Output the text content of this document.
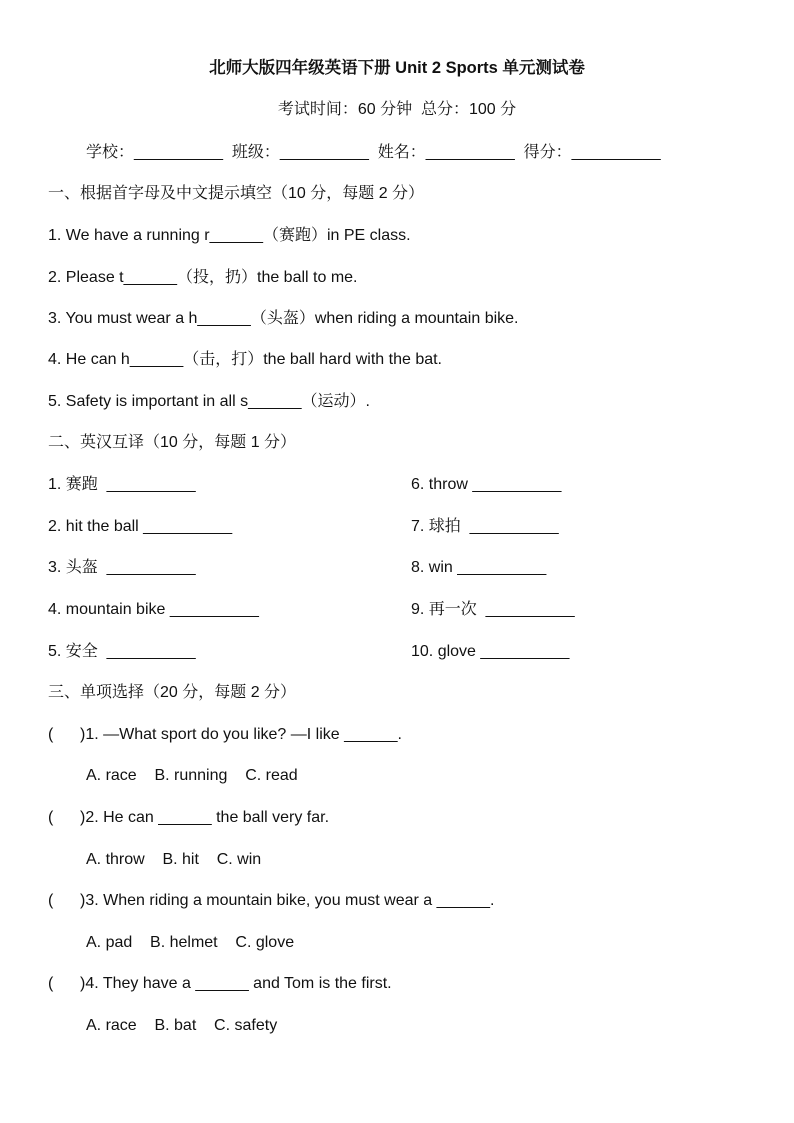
北师大版四年级英语下册 Unit 2 Sports 单元测试卷
考试时间：60 分钟  总分：100 分
学校：__________  班级：__________  姓名：__________  得分：__________
一、根据首字母及中文提示填空（10 分，每题 2 分）
1. We have a running r______（赛跑）in PE class.
2. Please t______（投，扔）the ball to me.
3. You must wear a h______（头盔）when riding a mountain bike.
4. He can h______（击，打）the ball hard with the bat.
5. Safety is important in all s______（运动）.
二、英汉互译（10 分，每题 1 分）
1. 赛跑  __________	6. throw __________
2. hit the ball __________	7. 球拍  __________
3. 头盔  __________	8. win __________
4. mountain bike __________	9. 再一次  __________
5. 安全  __________	10. glove __________
三、单项选择（20 分，每题 2 分）
(      )1. —What sport do you like? —I like ______.
A. race    B. running    C. read
(      )2. He can ______ the ball very far.
A. throw    B. hit    C. win
(      )3. When riding a mountain bike, you must wear a ______.
A. pad    B. helmet    C. glove
(      )4. They have a ______ and Tom is the first.
A. race    B. bat    C. safety
